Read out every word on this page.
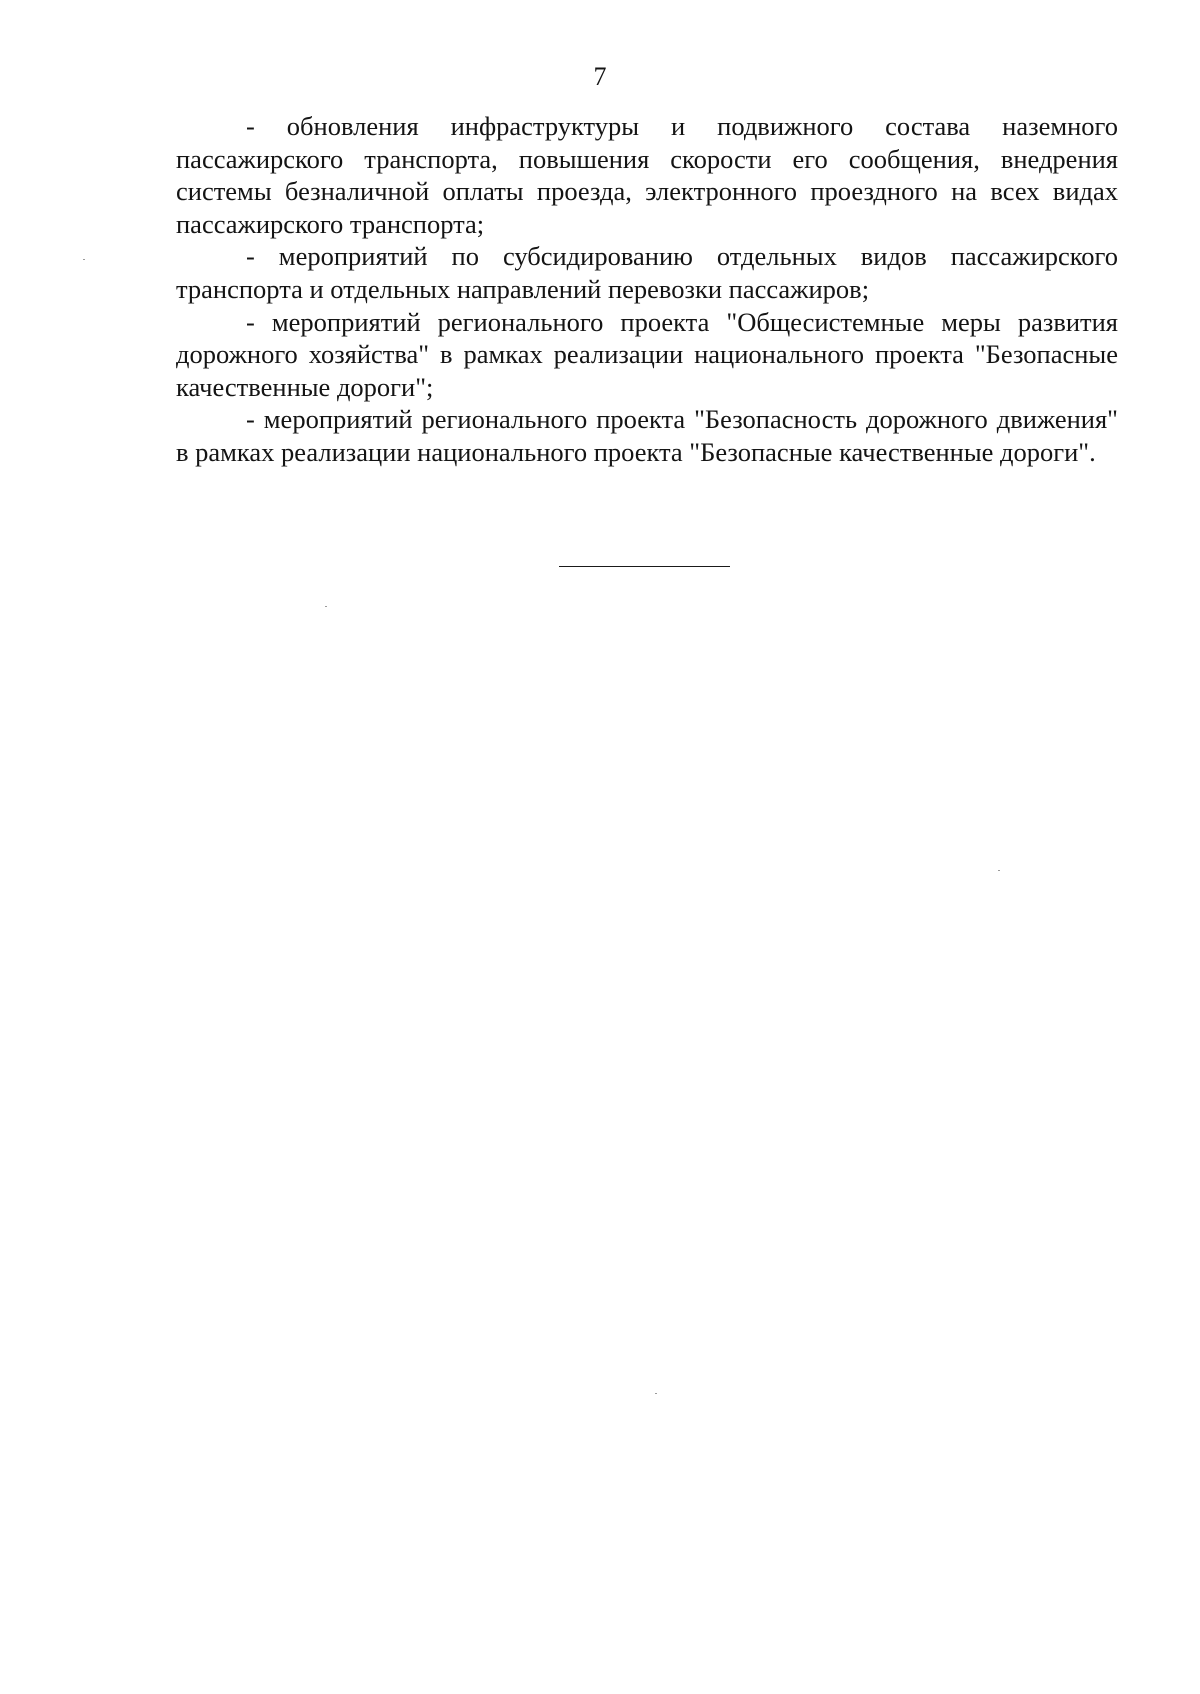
7

- обновления инфраструктуры и подвижного состава наземного пассажирского транспорта, повышения скорости его сообщения, внедрения системы безналичной оплаты проезда, электронного проездного на всех видах пассажирского транспорта;

- мероприятий по субсидированию отдельных видов пассажирского транспорта и отдельных направлений перевозки пассажиров;

- мероприятий регионального проекта "Общесистемные меры развития дорожного хозяйства" в рамках реализации национального проекта "Безопасные качественные дороги";

- мероприятий регионального проекта "Безопасность дорожного движения" в рамках реализации национального проекта "Безопасные качественные дороги".
